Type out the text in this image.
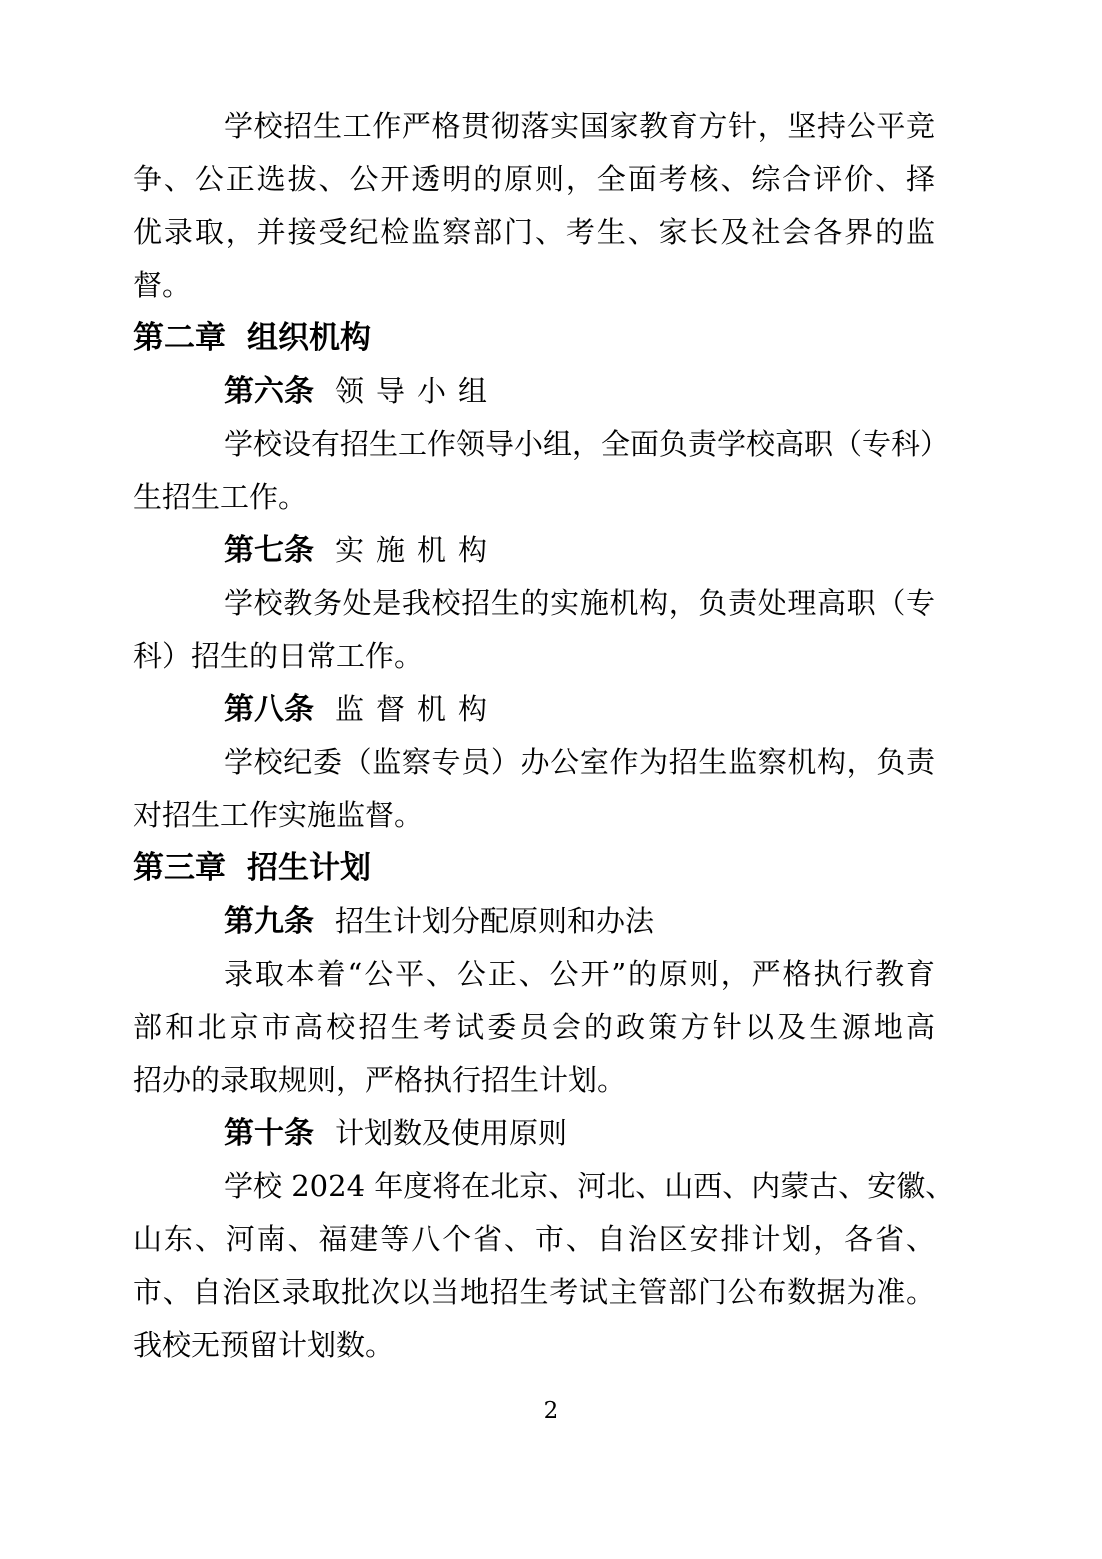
学校招生工作严格贯彻落实国家教育方针，坚持公平竞
争、公正选拔、公开透明的原则，全面考核、综合评价、择
优录取，并接受纪检监察部门、考生、家长及社会各界的监
督。
第二章 组织机构
第六条 领导小组
学校设有招生工作领导小组，全面负责学校高职（专科）
生招生工作。
第七条 实施机构
学校教务处是我校招生的实施机构，负责处理高职（专
科）招生的日常工作。
第八条 监督机构
学校纪委（监察专员）办公室作为招生监察机构，负责
对招生工作实施监督。
第三章 招生计划
第九条 招生计划分配原则和办法
录取本着“公平、公正、公开”的原则，严格执行教育
部和北京市高校招生考试委员会的政策方针以及生源地高
招办的录取规则，严格执行招生计划。
第十条 计划数及使用原则
学校 2024 年度将在北京、河北、山西、内蒙古、安徽、
山东、河南、福建等八个省、市、自治区安排计划，各省、
市、自治区录取批次以当地招生考试主管部门公布数据为准。
我校无预留计划数。
2
